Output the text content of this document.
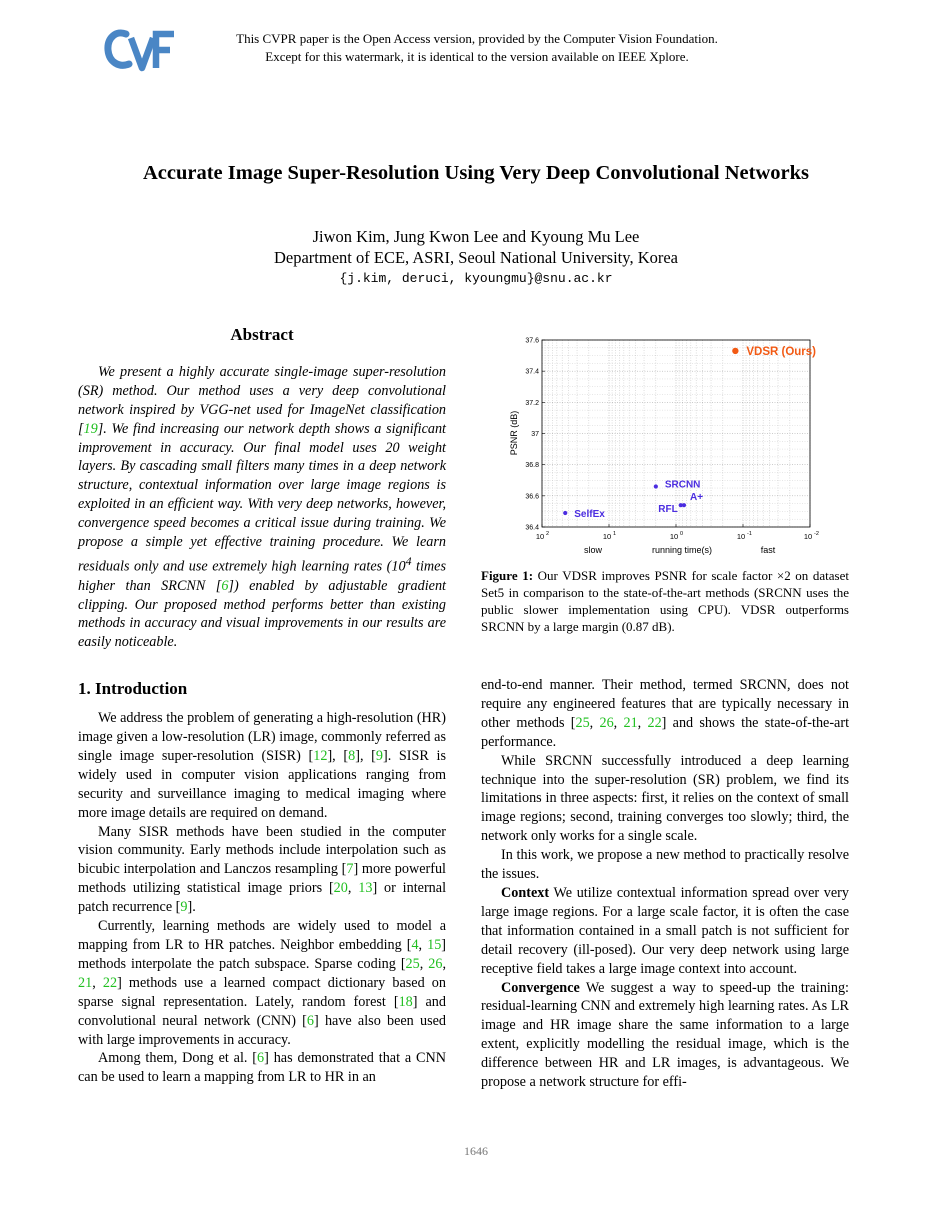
This CVPR paper is the Open Access version, provided by the Computer Vision Foundation.
Except for this watermark, it is identical to the version available on IEEE Xplore.
Accurate Image Super-Resolution Using Very Deep Convolutional Networks
Jiwon Kim, Jung Kwon Lee and Kyoung Mu Lee
Department of ECE, ASRI, Seoul National University, Korea
{j.kim, deruci, kyoungmu}@snu.ac.kr
Abstract

We present a highly accurate single-image super-resolution (SR) method. Our method uses a very deep convolutional network inspired by VGG-net used for ImageNet classification [19]. We find increasing our network depth shows a significant improvement in accuracy. Our final model uses 20 weight layers. By cascading small filters many times in a deep network structure, contextual information over large image regions is exploited in an efficient way. With very deep networks, however, convergence speed becomes a critical issue during training. We propose a simple yet effective training procedure. We learn residuals only and use extremely high learning rates ($10^4$ times higher than SRCNN [6]) enabled by adjustable gradient clipping. Our proposed method performs better than existing methods in accuracy and visual improvements in our results are easily noticeable.

1. Introduction

We address the problem of generating a high-resolution (HR) image given a low-resolution (LR) image, commonly referred as single image super-resolution (SISR) [12], [8], [9]. SISR is widely used in computer vision applications ranging from security and surveillance imaging to medical imaging where more image details are required on demand.

Many SISR methods have been studied in the computer vision community. Early methods include interpolation such as bicubic interpolation and Lanczos resampling [7] more powerful methods utilizing statistical image priors [20, 13] or internal patch recurrence [9].

Currently, learning methods are widely used to model a mapping from LR to HR patches. Neighbor embedding [4, 15] methods interpolate the patch subspace. Sparse coding [25, 26, 21, 22] methods use a learned compact dictionary based on sparse signal representation. Lately, random forest [18] and convolutional neural network (CNN) [6] have also been used with large improvements in accuracy.

Among them, Dong et al. [6] has demonstrated that a CNN can be used to learn a mapping from LR to HR in an

36.4
36.6
36.8
37
37.2
37.4
37.6
10 2	10 1	10 0	10 -1	10 -2
SelfEx
SRCNN
RFL
A+
VDSR (Ours)
slow	running time(s)	fast
PSNR (dB)
Figure 1: Our VDSR improves PSNR for scale factor ×2 on dataset Set5 in comparison to the state-of-the-art methods (SRCNN uses the public slower implementation using CPU). VDSR outperforms SRCNN by a large margin (0.87 dB).

end-to-end manner. Their method, termed SRCNN, does not require any engineered features that are typically necessary in other methods [25, 26, 21, 22] and shows the state-of-the-art performance.

While SRCNN successfully introduced a deep learning technique into the super-resolution (SR) problem, we find its limitations in three aspects: first, it relies on the context of small image regions; second, training converges too slowly; third, the network only works for a single scale.

In this work, we propose a new method to practically resolve the issues.

Context We utilize contextual information spread over very large image regions. For a large scale factor, it is often the case that information contained in a small patch is not sufficient for detail recovery (ill-posed). Our very deep network using large receptive field takes a large image context into account.

Convergence We suggest a way to speed-up the training: residual-learning CNN and extremely high learning rates. As LR image and HR image share the same information to a large extent, explicitly modelling the residual image, which is the difference between HR and LR images, is advantageous. We propose a network structure for effi-

1646
